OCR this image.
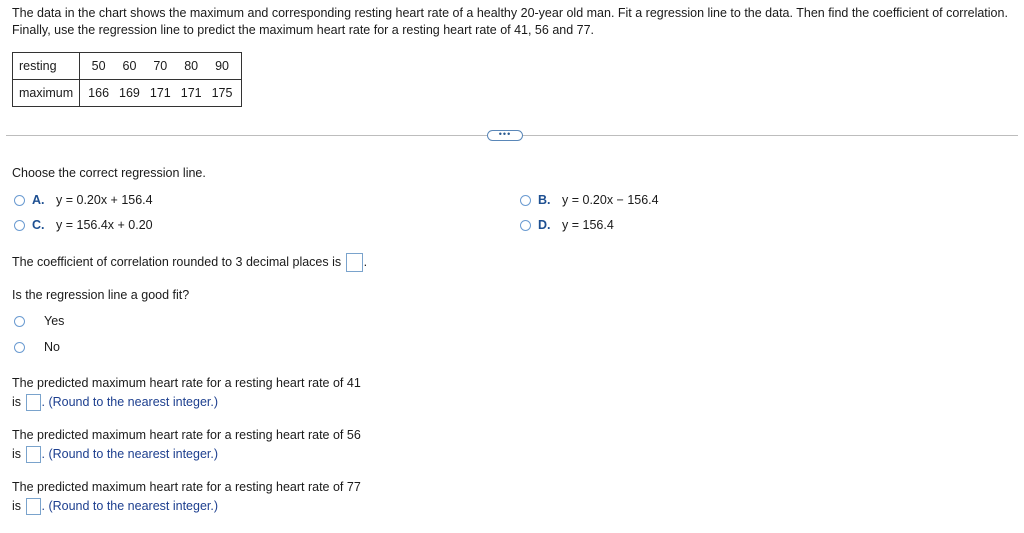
The data in the chart shows the maximum and corresponding resting heart rate of a healthy 20-year old man. Fit a regression line to the data. Then find the coefficient of correlation. Finally, use the regression line to predict the maximum heart rate for a resting heart rate of 41, 56 and 77.
resting	50	60	70	80	90
maximum	166	169	171	171	175
•••
Choose the correct regression line.
A. y = 0.20x + 156.4
C. y = 156.4x + 0.20
B. y = 0.20x − 156.4
D. y = 156.4
The coefficient of correlation rounded to 3 decimal places is .
Is the regression line a good fit?
Yes
No
The predicted maximum heart rate for a resting heart rate of 41
is . (Round to the nearest integer.)
The predicted maximum heart rate for a resting heart rate of 56
is . (Round to the nearest integer.)
The predicted maximum heart rate for a resting heart rate of 77
is . (Round to the nearest integer.)
